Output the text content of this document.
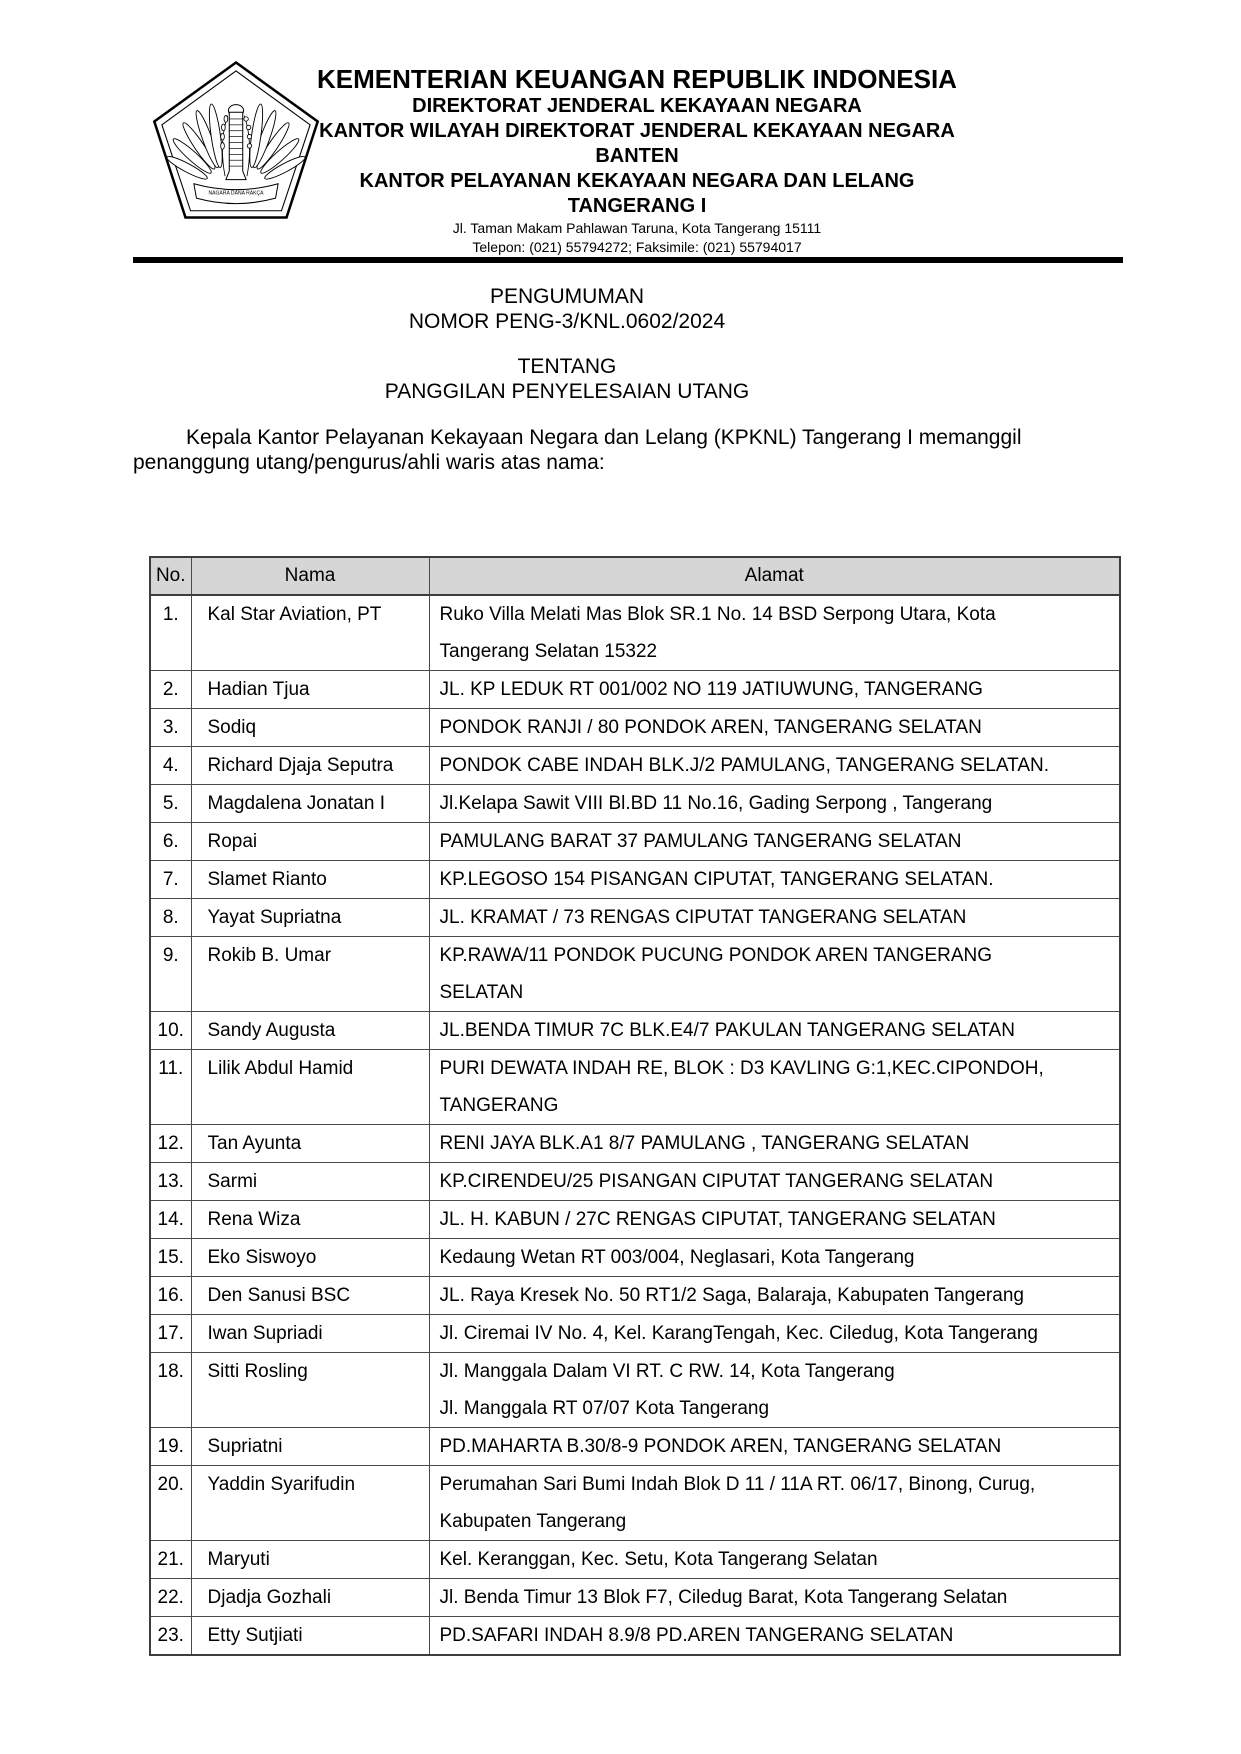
NAGARA DANA RAKÇA
KEMENTERIAN KEUANGAN REPUBLIK INDONESIA
DIREKTORAT JENDERAL KEKAYAAN NEGARA
KANTOR WILAYAH DIREKTORAT JENDERAL KEKAYAAN NEGARA
BANTEN
KANTOR PELAYANAN KEKAYAAN NEGARA DAN LELANG
TANGERANG I
Jl. Taman Makam Pahlawan Taruna, Kota Tangerang 15111
Telepon: (021) 55794272; Faksimile: (021) 55794017
PENGUMUMAN
NOMOR PENG-3/KNL.0602/2024
TENTANG
PANGGILAN PENYELESAIAN UTANG
Kepala Kantor Pelayanan Kekayaan Negara dan Lelang (KPKNL) Tangerang I memanggil
penanggung utang/pengurus/ahli waris atas nama:
No.	Nama	Alamat
1.	Kal Star Aviation, PT	Ruko Villa Melati Mas Blok SR.1 No. 14 BSD Serpong Utara, Kota
Tangerang Selatan 15322

2.	Hadian Tjua	JL. KP LEDUK RT 001/002 NO 119 JATIUWUNG, TANGERANG

3.	Sodiq	PONDOK RANJI / 80 PONDOK AREN, TANGERANG SELATAN

4.	Richard Djaja Seputra	PONDOK CABE INDAH BLK.J/2 PAMULANG, TANGERANG SELATAN.

5.	Magdalena Jonatan I	Jl.Kelapa Sawit VIII Bl.BD 11 No.16, Gading Serpong , Tangerang

6.	Ropai	PAMULANG BARAT 37 PAMULANG TANGERANG SELATAN

7.	Slamet Rianto	KP.LEGOSO 154 PISANGAN CIPUTAT, TANGERANG SELATAN.

8.	Yayat Supriatna	JL. KRAMAT / 73 RENGAS CIPUTAT TANGERANG SELATAN

9.	Rokib B. Umar	KP.RAWA/11 PONDOK PUCUNG PONDOK AREN TANGERANG
SELATAN

10.	Sandy Augusta	JL.BENDA TIMUR 7C BLK.E4/7 PAKULAN TANGERANG SELATAN

11.	Lilik Abdul Hamid	PURI DEWATA INDAH RE, BLOK : D3 KAVLING G:1,KEC.CIPONDOH,
TANGERANG

12.	Tan Ayunta	RENI JAYA BLK.A1 8/7 PAMULANG , TANGERANG SELATAN

13.	Sarmi	KP.CIRENDEU/25 PISANGAN CIPUTAT TANGERANG SELATAN

14.	Rena Wiza	JL. H. KABUN / 27C RENGAS CIPUTAT, TANGERANG SELATAN

15.	Eko Siswoyo	Kedaung Wetan RT 003/004, Neglasari, Kota Tangerang

16.	Den Sanusi BSC	JL. Raya Kresek No. 50 RT1/2 Saga, Balaraja, Kabupaten Tangerang

17.	Iwan Supriadi	Jl. Ciremai IV No. 4, Kel. KarangTengah, Kec. Ciledug, Kota Tangerang

18.	Sitti Rosling	Jl. Manggala Dalam VI RT. C RW. 14, Kota Tangerang
Jl. Manggala RT 07/07 Kota Tangerang

19.	Supriatni	PD.MAHARTA B.30/8-9 PONDOK AREN, TANGERANG SELATAN

20.	Yaddin Syarifudin	Perumahan Sari Bumi Indah Blok D 11 / 11A RT. 06/17, Binong, Curug,
Kabupaten Tangerang

21.	Maryuti	Kel. Keranggan, Kec. Setu, Kota Tangerang Selatan

22.	Djadja Gozhali	Jl. Benda Timur 13 Blok F7, Ciledug Barat, Kota Tangerang Selatan

23.	Etty Sutjiati	PD.SAFARI INDAH 8.9/8 PD.AREN TANGERANG SELATAN
